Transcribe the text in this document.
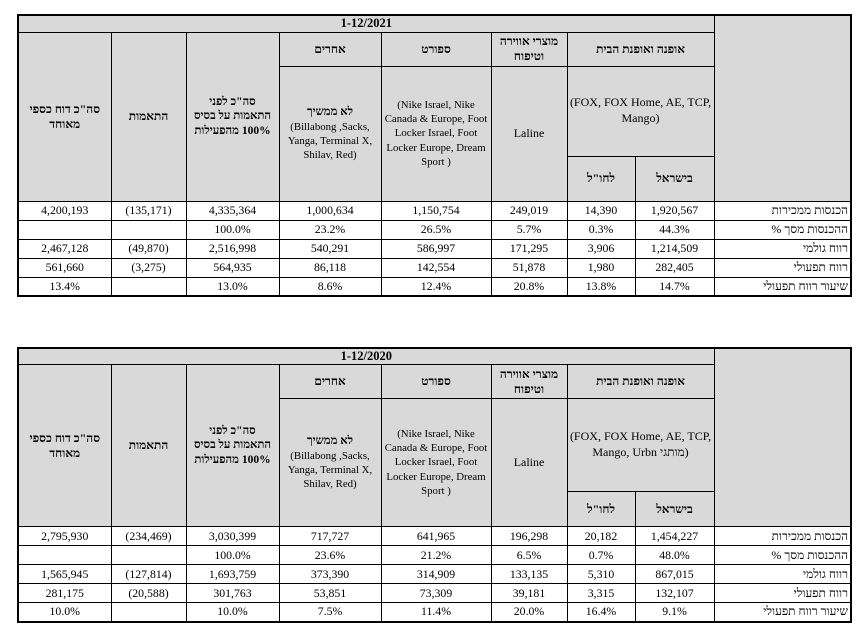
	1-12/2021							
	אופנה ואופנת הבית		מוצרי אווירה וטיפוח	ספורט	אחרים	סה"כ לפני התאמות על בסיס 100% מהפעילות	התאמות	סה"כ דוח כספי מאוחד
	(FOX, FOX Home, AE, TCP, Mango)		Laline	(Nike Israel, Nike Canada & Europe, Foot Locker Israel, Foot Locker Europe, Dream Sport )	לא ממשיך
(Billabong ,Sacks, Yanga, Terminal X, Shilav, Red)			

	בישראל	לחו"ל						
הכנסות ממכירות	1,920,567	14,390	249,019	1,150,754	1,000,634	4,335,364	(135,171)	4,200,193
% מסך‎ ההכנסות	44.3%	0.3%	5.7%	26.5%	23.2%	100.0%		
רווח גולמי	1,214,509	3,906	171,295	586,997	540,291	2,516,998	(49,870)	2,467,128
רווח תפעולי	282,405	1,980	51,878	142,554	86,118	564,935	(3,275)	561,660
שיעור רווח תפעולי	14.7%	13.8%	20.8%	12.4%	8.6%	13.0%		13.4%
	1-12/2020							
	אופנה ואופנת הבית		מוצרי אווירה וטיפוח	ספורט	אחרים	סה"כ לפני התאמות על בסיס 100% מהפעילות	התאמות	סה"כ דוח כספי מאוחד
	(FOX, FOX Home, AE, TCP, Mango, Urbn מותגי)		Laline	(Nike Israel, Nike Canada & Europe, Foot Locker Israel, Foot Locker Europe, Dream Sport )	לא ממשיך
(Billabong ,Sacks, Yanga, Terminal X, Shilav, Red)			

	בישראל	לחו"ל						
הכנסות ממכירות	1,454,227	20,182	196,298	641,965	717,727	3,030,399	(234,469)	2,795,930
% מסך‎ ההכנסות	48.0%	0.7%	6.5%	21.2%	23.6%	100.0%		
רווח גולמי	867,015	5,310	133,135	314,909	373,390	1,693,759	(127,814)	1,565,945
רווח תפעולי	132,107	3,315	39,181	73,309	53,851	301,763	(20,588)	281,175
שיעור רווח תפעולי	9.1%	16.4%	20.0%	11.4%	7.5%	10.0%		10.0%
